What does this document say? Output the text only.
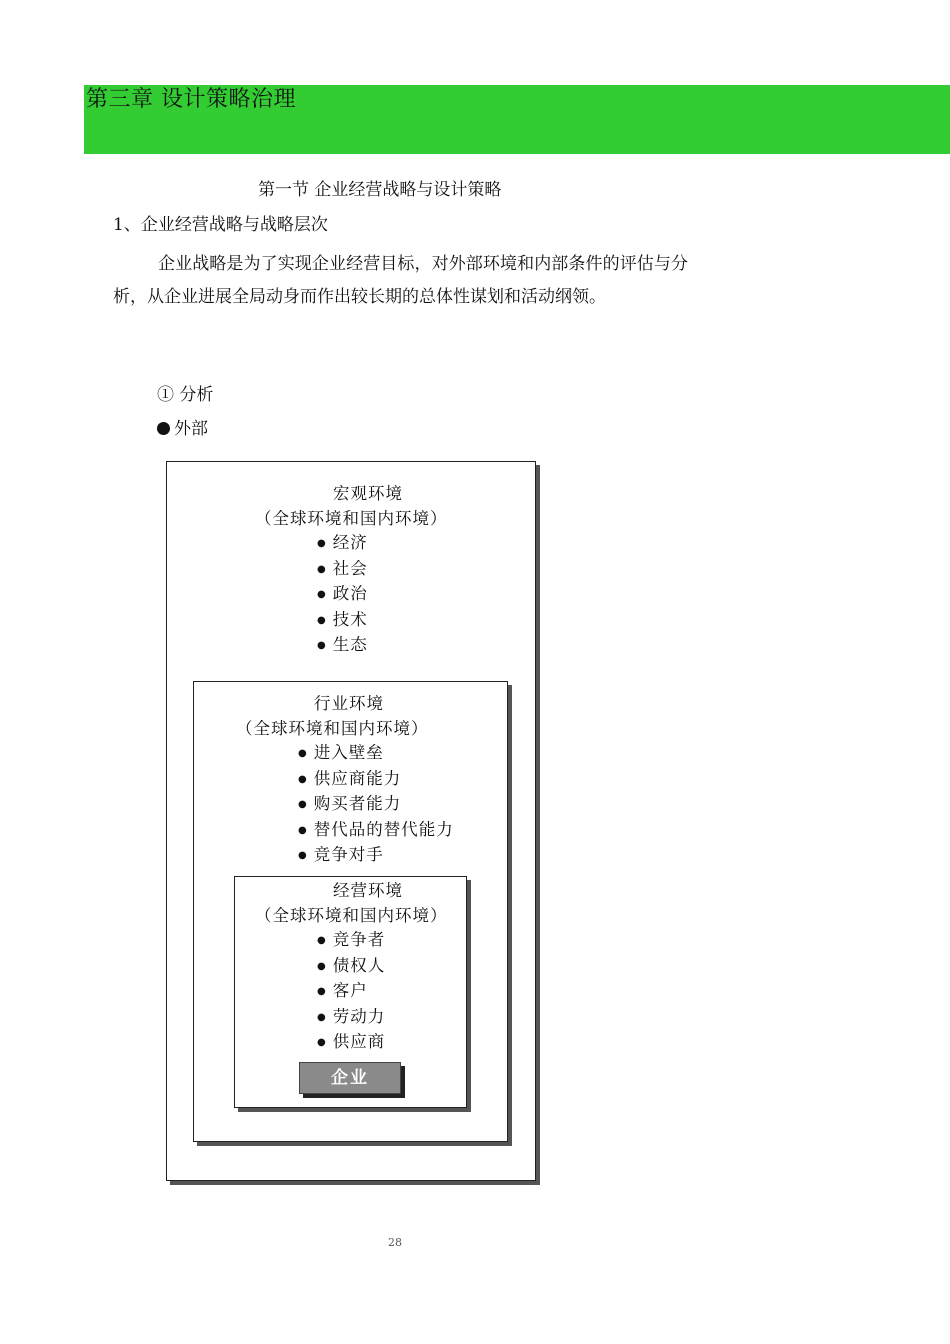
第三章 设计策略治理
第一节 企业经营战略与设计策略
1、企业经营战略与战略层次
企业战略是为了实现企业经营目标，对外部环境和内部条件的评估与分析，从企业进展全局动身而作出较长期的总体性谋划和活动纲领。
① 分析
外部
宏观环境
（全球环境和国内环境）
● 经济
● 社会
● 政治
● 技术
● 生态
行业环境
（全球环境和国内环境）
● 进入壁垒
● 供应商能力
● 购买者能力
● 替代品的替代能力
● 竞争对手
经营环境
（全球环境和国内环境）
● 竞争者
● 债权人
● 客户
● 劳动力
● 供应商
企业
28
